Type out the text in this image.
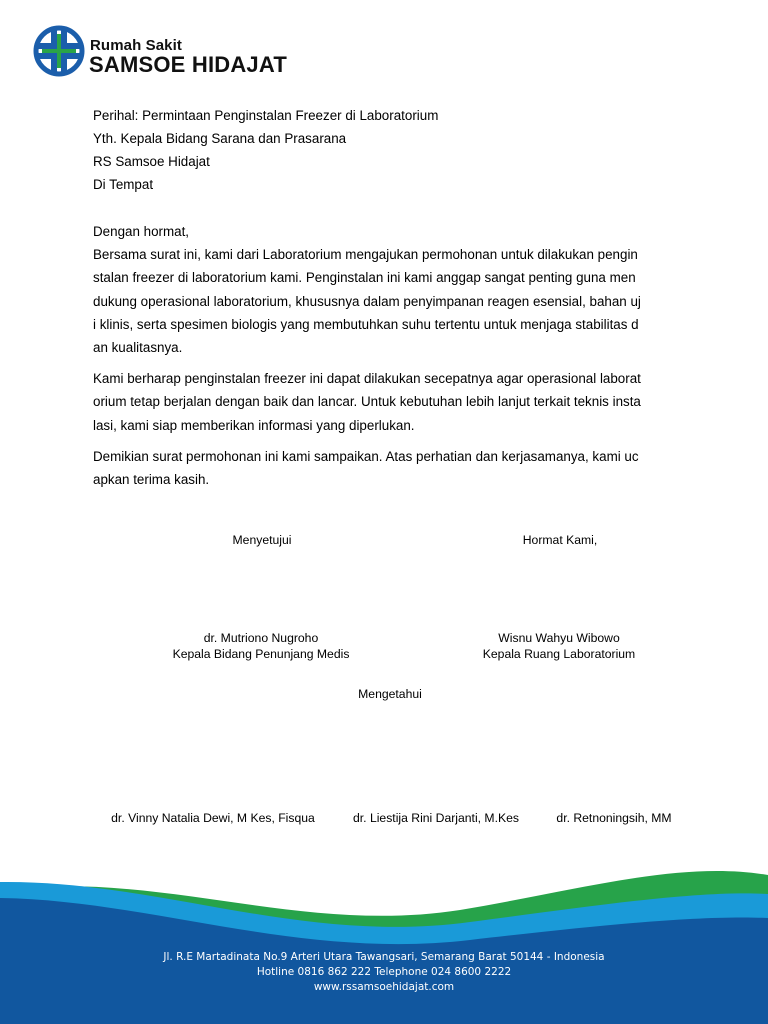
Rumah Sakit
SAMSOE HIDAJAT
Perihal: Permintaan Penginstalan Freezer di Laboratorium
Yth. Kepala Bidang Sarana dan Prasarana
RS Samsoe Hidajat
Di Tempat
Dengan hormat,
Bersama surat ini, kami dari Laboratorium mengajukan permohonan untuk dilakukan pengin
stalan freezer di laboratorium kami. Penginstalan ini kami anggap sangat penting guna men
dukung operasional laboratorium, khususnya dalam penyimpanan reagen esensial, bahan uj
i klinis, serta spesimen biologis yang membutuhkan suhu tertentu untuk menjaga stabilitas d
an kualitasnya.
Kami berharap penginstalan freezer ini dapat dilakukan secepatnya agar operasional laborat
orium tetap berjalan dengan baik dan lancar. Untuk kebutuhan lebih lanjut terkait teknis insta
lasi, kami siap memberikan informasi yang diperlukan.
Demikian surat permohonan ini kami sampaikan. Atas perhatian dan kerjasamanya, kami uc
apkan terima kasih.
Menyetujui	Hormat Kami,
dr. Mutriono Nugroho
Kepala Bidang Penunjang Medis
Wisnu Wahyu Wibowo
Kepala Ruang Laboratorium
Mengetahui
dr. Vinny Natalia Dewi, M Kes, Fisqua	dr. Liestija Rini Darjanti, M.Kes	dr. Retnoningsih, MM
Jl. R.E Martadinata No.9 Arteri Utara Tawangsari, Semarang Barat 50144 - Indonesia
Hotline 0816 862 222 Telephone 024 8600 2222
www.rssamsoehidajat.com
